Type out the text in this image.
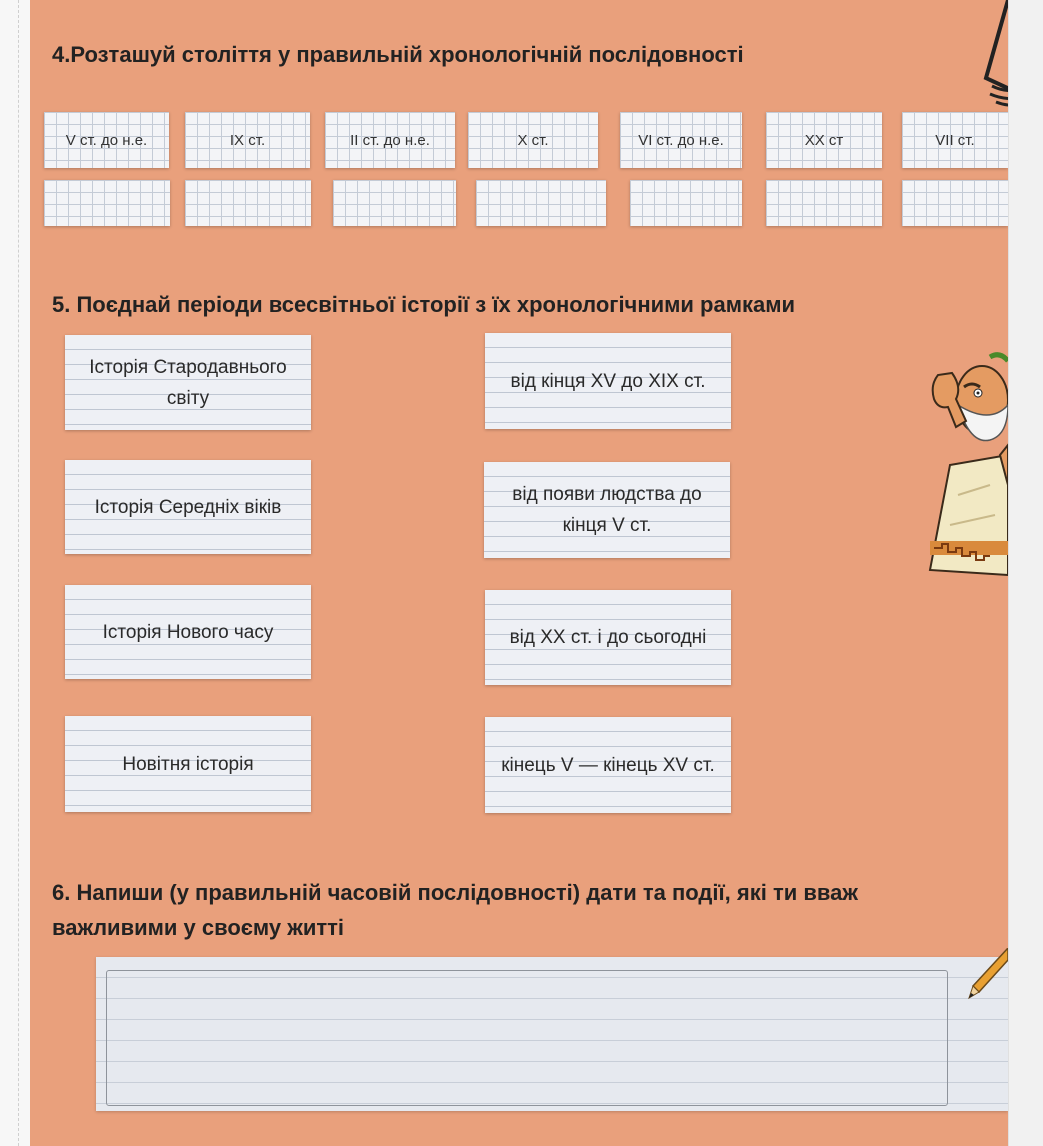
4.Розташуй століття у правильній хронологічній послідовності
V ст. до н.е.	IX ст.	II ст. до н.е.	X ст.	VI ст. до н.е.	XX ст	VII ст.
5. Поєднай періоди всесвітньої історії з їх хронологічними рамками
Історія Стародавнього світу
Історія Середніх віків
Історія Нового часу
Новітня історія
від кінця XV до XIX ст.
від появи людства до кінця V ст.
від XX ст. і до сьогодні
кінець V — кінець XV ст.
6. Напиши (у правильній часовій послідовності) дати та події, які ти вваж
важливими у своєму житті
